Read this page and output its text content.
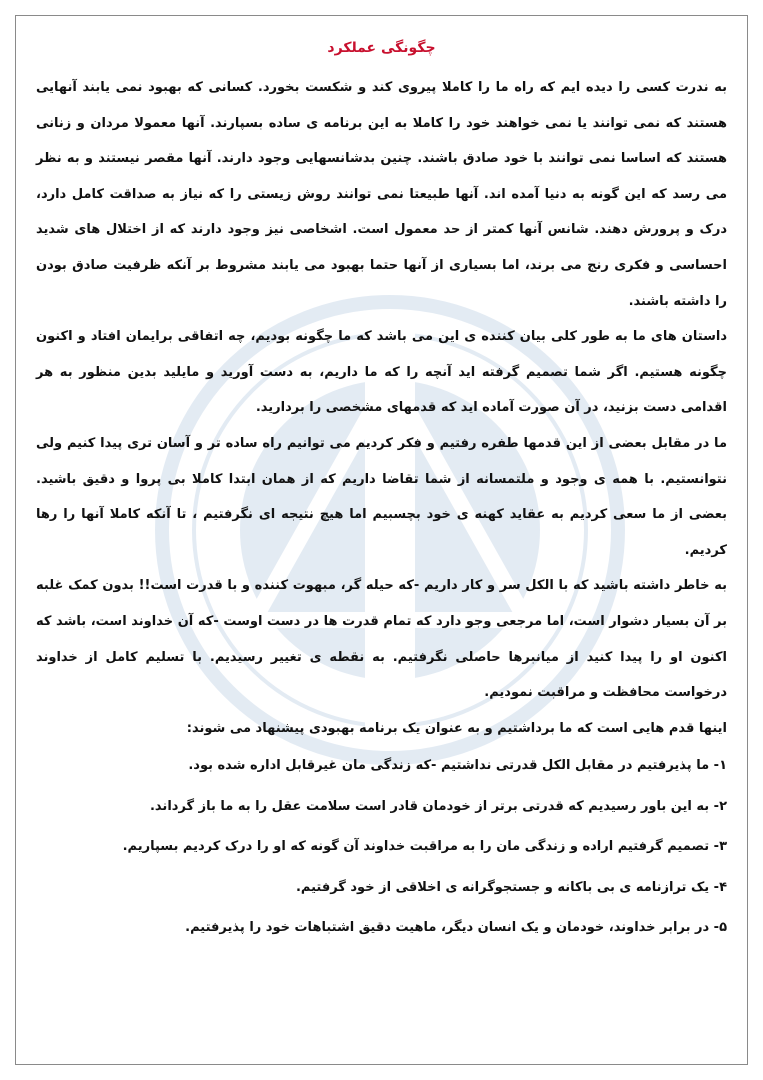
چگونگی عملکرد

به ندرت کسی را دیده ایم که راه ما را کاملا پیروی کند و شکست بخورد. کسانی که بهبود نمی یابند آنهایی هستند که نمی توانند یا نمی خواهند خود را کاملا به این برنامه ی ساده بسپارند. آنها معمولا مردان و زنانی هستند که اساسا نمی توانند با خود صادق باشند. چنین بدشانسهایی وجود دارند. آنها مقصر نیستند و به نظر می رسد که این گونه به دنیا آمده اند. آنها طبیعتا نمی توانند روش زیستی را که نیاز به صداقت کامل دارد، درک و پرورش دهند. شانس آنها کمتر از حد معمول است. اشخاصی نیز وجود دارند که از اختلال های شدید احساسی و فکری رنج می برند، اما بسیاری از آنها حتما بهبود می یابند مشروط بر آنکه ظرفیت صادق بودن را داشته باشند.

داستان های ما به طور کلی بیان کننده ی این می باشد که ما چگونه بودیم، چه اتفاقی برایمان افتاد و اکنون چگونه هستیم. اگر شما تصمیم گرفته اید آنچه را که ما داریم، به دست آورید و مایلید بدین منظور به هر اقدامی دست بزنید، در آن صورت آماده اید که قدمهای مشخصی را بردارید.

ما در مقابل بعضی از این قدمها طفره رفتیم و فکر کردیم می توانیم راه ساده تر و آسان تری پیدا کنیم ولی نتوانستیم. با همه ی وجود و ملتمسانه از شما تقاضا داریم که از همان ابتدا کاملا بی پروا و دقیق باشید. بعضی از ما سعی کردیم به عقاید کهنه ی خود بچسبیم اما هیچ نتیجه ای نگرفتیم ، تا آنکه کاملا آنها را رها کردیم.

به خاطر داشته باشید که با الکل سر و کار داریم -که حیله گر، مبهوت کننده و با قدرت است!! بدون کمک غلبه بر آن بسیار دشوار است، اما مرجعی وجو دارد که تمام قدرت ها در دست اوست -که آن خداوند است، باشد که اکنون او را پیدا کنید از میانبرها حاصلی نگرفتیم. به نقطه ی تغییر رسیدیم. با تسلیم کامل از خداوند درخواست محافظت و مراقبت نمودیم.

اینها قدم هایی است که ما برداشتیم و به عنوان یک برنامه بهبودی پیشنهاد می شوند:

۱- ما پذیرفتیم در مقابل الکل قدرتی نداشتیم -که زندگی مان غیرقابل اداره شده بود.

۲- به این باور رسیدیم که قدرتی برتر از خودمان قادر است سلامت عقل را به ما باز گرداند.

۳- تصمیم گرفتیم اراده و زندگی مان را به مراقبت خداوند آن گونه که او را درک کردیم بسپاریم.

۴- یک ترازنامه ی بی باکانه و جستجوگرانه ی اخلاقی از خود گرفتیم.

۵- در برابر خداوند، خودمان و یک انسان دیگر، ماهیت دقیق اشتباهات خود را پذیرفتیم.
